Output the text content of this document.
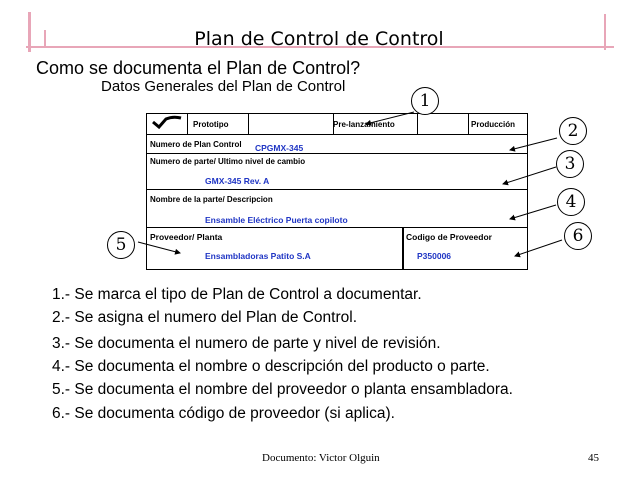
Plan de Control de Control
Como se documenta el Plan de Control?
Datos Generales del Plan de Control
Prototipo	Pre-lanzamiento	Producción
Numero de Plan Control CPGMX-345
Numero de parte/ Ultimo nivel de cambio
GMX-345 Rev. A
Nombre de la parte/ Descripcion
Ensamble Eléctrico Puerta copiloto
Proveedor/ Planta
Ensambladoras Patito S.A
Codigo de Proveedor
P350006
1
2
3
4
5	6
1.- Se marca el tipo de Plan de Control a documentar.
2.- Se asigna el numero del Plan de Control.
3.- Se documenta el numero de parte y nivel de revisión.
4.- Se documenta el nombre o descripción del producto o parte.
5.- Se documenta el nombre del proveedor o planta ensambladora.
6.- Se documenta código de proveedor (si aplica).
Documento: Victor Olguin	45
